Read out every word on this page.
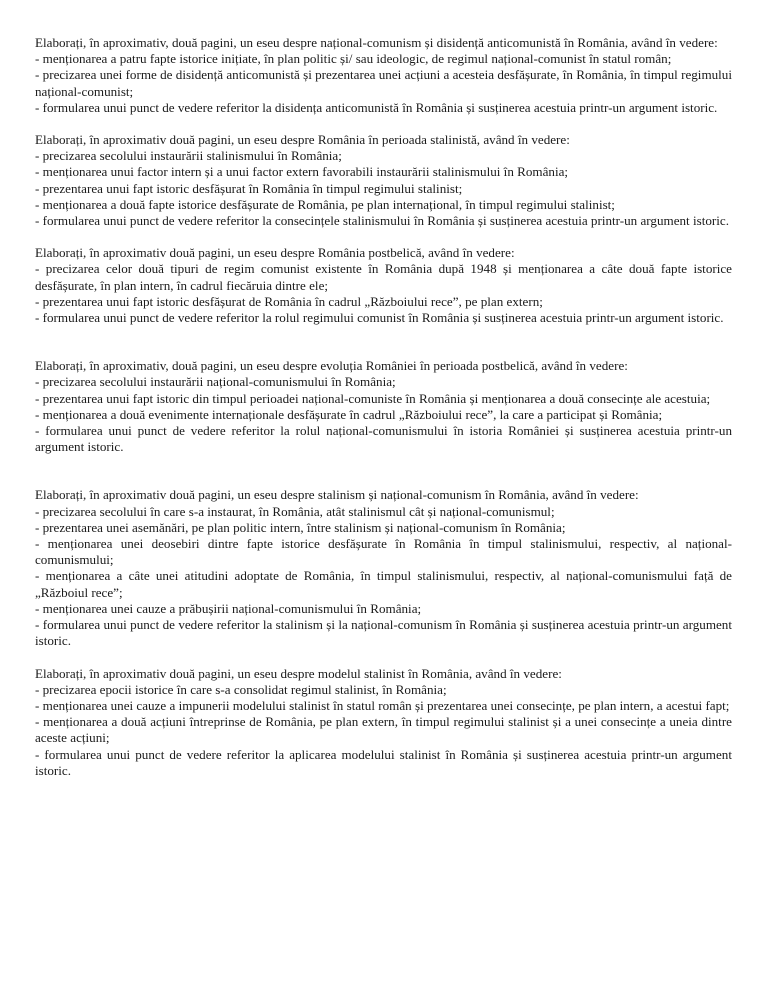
Elaborați, în aproximativ, două pagini, un eseu despre național-comunism și disidență anticomunistă în România, având în vedere:
- menționarea a patru fapte istorice inițiate, în plan politic și/ sau ideologic, de regimul național-comunist în statul român;
- precizarea unei forme de disidență anticomunistă și prezentarea unei acțiuni a acesteia desfășurate, în România, în timpul regimului național-comunist;
- formularea unui punct de vedere referitor la disidența anticomunistă în România și susținerea acestuia printr-un argument istoric.
Elaborați, în aproximativ două pagini, un eseu despre România în perioada stalinistă, având în vedere:
- precizarea secolului instaurării stalinismului în România;
- menționarea unui factor intern și a unui factor extern favorabili instaurării stalinismului în România;
- prezentarea unui fapt istoric desfășurat în România în timpul regimului stalinist;
- menționarea a două fapte istorice desfășurate de România, pe plan internațional, în timpul regimului stalinist;
- formularea unui punct de vedere referitor la consecințele stalinismului în România și susținerea acestuia printr-un argument istoric.
Elaborați, în aproximativ două pagini, un eseu despre România postbelică, având în vedere:
- precizarea celor două tipuri de regim comunist existente în România după 1948 și menționarea a câte două fapte istorice desfășurate, în plan intern, în cadrul fiecăruia dintre ele;
- prezentarea unui fapt istoric desfășurat de România în cadrul „Războiului rece”, pe plan extern;
- formularea unui punct de vedere referitor la rolul regimului comunist în România și susținerea acestuia printr-un argument istoric.
Elaborați, în aproximativ, două pagini, un eseu despre evoluția României în perioada postbelică, având în vedere:
- precizarea secolului instaurării național-comunismului în România;
- prezentarea unui fapt istoric din timpul perioadei național-comuniste în România și menționarea a două consecințe ale acestuia;
- menționarea a două evenimente internaționale desfășurate în cadrul „Războiului rece”, la care a participat și România;
- formularea unui punct de vedere referitor la rolul național-comunismului în istoria României și susținerea acestuia printr-un argument istoric.
Elaborați, în aproximativ două pagini, un eseu despre stalinism și național-comunism în România, având în vedere:
- precizarea secolului în care s-a instaurat, în România, atât stalinismul cât și național-comunismul;
- prezentarea unei asemănări, pe plan politic intern, între stalinism și național-comunism în România;
- menționarea unei deosebiri dintre fapte istorice desfășurate în România în timpul stalinismului, respectiv, al național-comunismului;
- menționarea a câte unei atitudini adoptate de România, în timpul stalinismului, respectiv, al național-comunismului față de „Războiul rece”;
- menționarea unei cauze a prăbușirii național-comunismului în România;
- formularea unui punct de vedere referitor la stalinism și la național-comunism în România și susținerea acestuia printr-un argument istoric.
Elaborați, în aproximativ două pagini, un eseu despre modelul stalinist în România, având în vedere:
- precizarea epocii istorice în care s-a consolidat regimul stalinist, în România;
- menționarea unei cauze a impunerii modelului stalinist în statul român și prezentarea unei consecințe, pe plan intern, a acestui fapt;
- menționarea a două acțiuni întreprinse de România, pe plan extern, în timpul regimului stalinist și a unei consecințe a uneia dintre aceste acțiuni;
- formularea unui punct de vedere referitor la aplicarea modelului stalinist în România și susținerea acestuia printr-un argument istoric.
